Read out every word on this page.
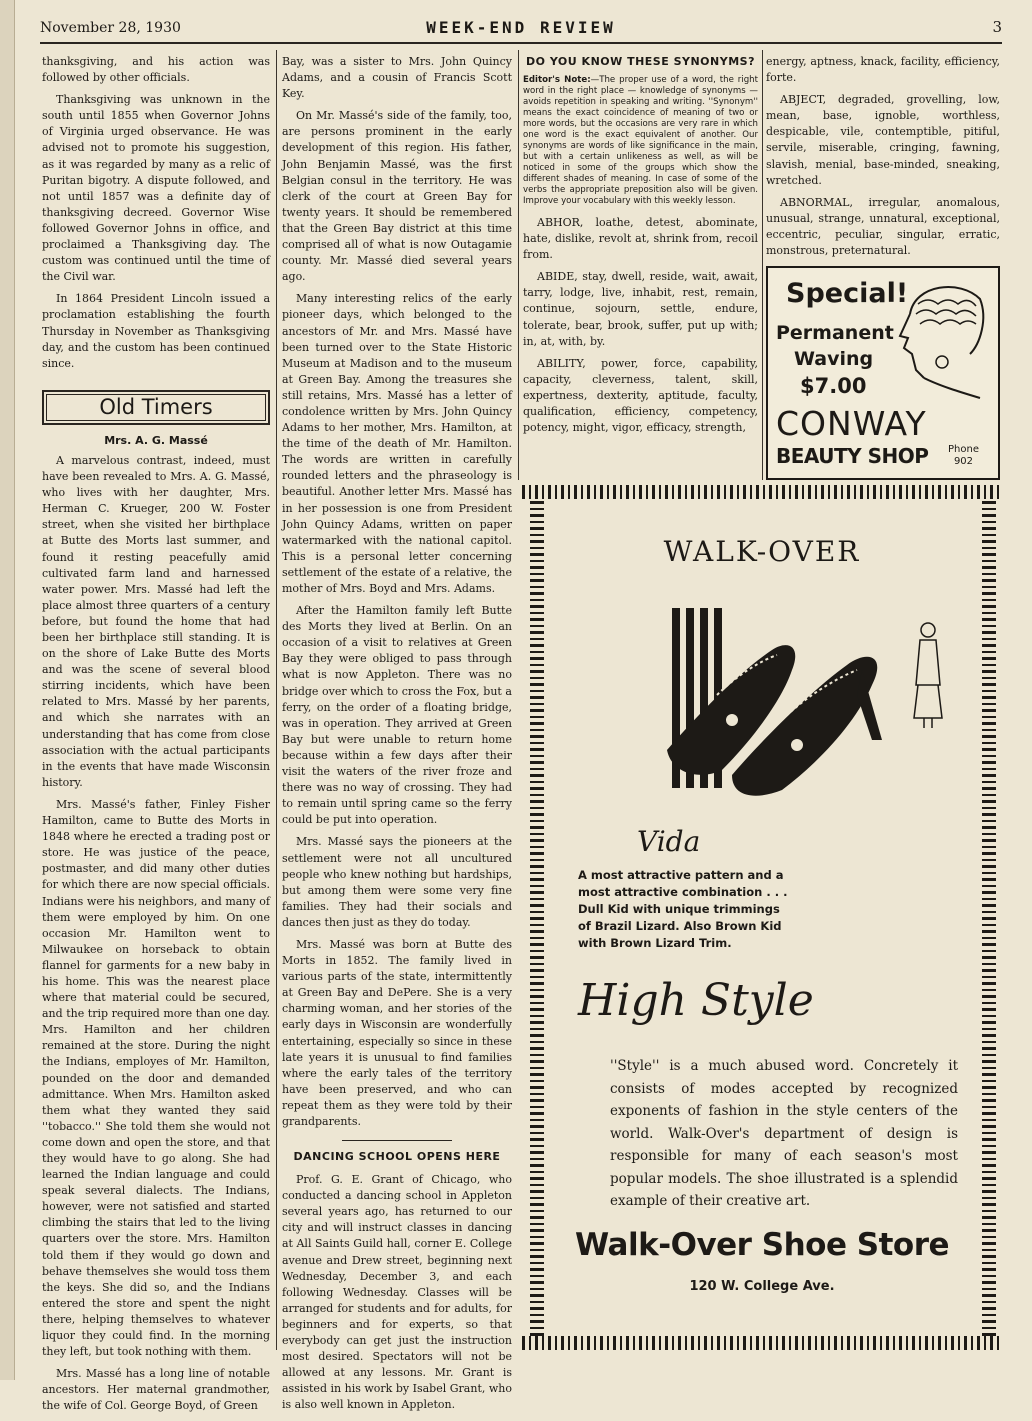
November 28, 1930	WEEK-END REVIEW	3

thanksgiving, and his action was followed by other officials.

Thanksgiving was unknown in the south until 1855 when Governor Johns of Virginia urged observance. He was advised not to promote his suggestion, as it was regarded by many as a relic of Puritan bigotry. A dispute followed, and not until 1857 was a definite day of thanksgiving decreed. Governor Wise followed Governor Johns in office, and proclaimed a Thanksgiving day. The custom was continued until the time of the Civil war.

In 1864 President Lincoln issued a proclamation establishing the fourth Thursday in November as Thanksgiving day, and the custom has been continued since.

Old Timers
Mrs. A. G. Massé

A marvelous contrast, indeed, must have been revealed to Mrs. A. G. Massé, who lives with her daughter, Mrs. Herman C. Krueger, 200 W. Foster street, when she visited her birthplace at Butte des Morts last summer, and found it resting peacefully amid cultivated farm land and harnessed water power. Mrs. Massé had left the place almost three quarters of a century before, but found the home that had been her birthplace still standing. It is on the shore of Lake Butte des Morts and was the scene of several blood stirring incidents, which have been related to Mrs. Massé by her parents, and which she narrates with an understanding that has come from close association with the actual participants in the events that have made Wisconsin history.

Mrs. Massé's father, Finley Fisher Hamilton, came to Butte des Morts in 1848 where he erected a trading post or store. He was justice of the peace, postmaster, and did many other duties for which there are now special officials. Indians were his neighbors, and many of them were employed by him. On one occasion Mr. Hamilton went to Milwaukee on horseback to obtain flannel for garments for a new baby in his home. This was the nearest place where that material could be secured, and the trip required more than one day. Mrs. Hamilton and her children remained at the store. During the night the Indians, employes of Mr. Hamilton, pounded on the door and demanded admittance. When Mrs. Hamilton asked them what they wanted they said ''tobacco.'' She told them she would not come down and open the store, and that they would have to go along. She had learned the Indian language and could speak several dialects. The Indians, however, were not satisfied and started climbing the stairs that led to the living quarters over the store. Mrs. Hamilton told them if they would go down and behave themselves she would toss them the keys. She did so, and the Indians entered the store and spent the night there, helping themselves to whatever liquor they could find. In the morning they left, but took nothing with them.

Mrs. Massé has a long line of notable ancestors. Her maternal grandmother, the wife of Col. George Boyd, of Green

Bay, was a sister to Mrs. John Quincy Adams, and a cousin of Francis Scott Key.

On Mr. Massé's side of the family, too, are persons prominent in the early development of this region. His father, John Benjamin Massé, was the first Belgian consul in the territory. He was clerk of the court at Green Bay for twenty years. It should be remembered that the Green Bay district at this time comprised all of what is now Outagamie county. Mr. Massé died several years ago.

Many interesting relics of the early pioneer days, which belonged to the ancestors of Mr. and Mrs. Massé have been turned over to the State Historic Museum at Madison and to the museum at Green Bay. Among the treasures she still retains, Mrs. Massé has a letter of condolence written by Mrs. John Quincy Adams to her mother, Mrs. Hamilton, at the time of the death of Mr. Hamilton. The words are written in carefully rounded letters and the phraseology is beautiful. Another letter Mrs. Massé has in her possession is one from President John Quincy Adams, written on paper watermarked with the national capitol. This is a personal letter concerning settlement of the estate of a relative, the mother of Mrs. Boyd and Mrs. Adams.

After the Hamilton family left Butte des Morts they lived at Berlin. On an occasion of a visit to relatives at Green Bay they were obliged to pass through what is now Appleton. There was no bridge over which to cross the Fox, but a ferry, on the order of a floating bridge, was in operation. They arrived at Green Bay but were unable to return home because within a few days after their visit the waters of the river froze and there was no way of crossing. They had to remain until spring came so the ferry could be put into operation.

Mrs. Massé says the pioneers at the settlement were not all uncultured people who knew nothing but hardships, but among them were some very fine families. They had their socials and dances then just as they do today.

Mrs. Massé was born at Butte des Morts in 1852. The family lived in various parts of the state, intermittently at Green Bay and DePere. She is a very charming woman, and her stories of the early days in Wisconsin are wonderfully entertaining, especially so since in these late years it is unusual to find families where the early tales of the territory have been preserved, and who can repeat them as they were told by their grandparents.

DANCING SCHOOL OPENS HERE

Prof. G. E. Grant of Chicago, who conducted a dancing school in Appleton several years ago, has returned to our city and will instruct classes in dancing at All Saints Guild hall, corner E. College avenue and Drew street, beginning next Wednesday, December 3, and each following Wednesday. Classes will be arranged for students and for adults, for beginners and for experts, so that everybody can get just the instruction most desired. Spectators will not be allowed at any lessons. Mr. Grant is assisted in his work by Isabel Grant, who is also well known in Appleton.

DO YOU KNOW THESE SYNONYMS?
Editor's Note:—The proper use of a word, the right word in the right place — knowledge of synonyms — avoids repetition in speaking and writing. ''Synonym'' means the exact coincidence of meaning of two or more words, but the occasions are very rare in which one word is the exact equivalent of another. Our synonyms are words of like significance in the main, but with a certain unlikeness as well, as will be noticed in some of the groups which show the different shades of meaning. In case of some of the verbs the appropriate preposition also will be given. Improve your vocabulary with this weekly lesson.

ABHOR, loathe, detest, abominate, hate, dislike, revolt at, shrink from, recoil from.

ABIDE, stay, dwell, reside, wait, await, tarry, lodge, live, inhabit, rest, remain, continue, sojourn, settle, endure, tolerate, bear, brook, suffer, put up with; in, at, with, by.

ABILITY, power, force, capability, capacity, cleverness, talent, skill, expertness, dexterity, aptitude, faculty, qualification, efficiency, competency, potency, might, vigor, efficacy, strength,

energy, aptness, knack, facility, efficiency, forte.

ABJECT, degraded, grovelling, low, mean, base, ignoble, worthless, despicable, vile, contemptible, pitiful, servile, miserable, cringing, fawning, slavish, menial, base-minded, sneaking, wretched.

ABNORMAL, irregular, anomalous, unusual, strange, unnatural, exceptional, eccentric, peculiar, singular, erratic, monstrous, preternatural.

Special!
Permanent
Waving
$7.00
CONWAY
BEAUTY SHOP Phone
902
WALK-OVER
Vida
A most attractive pattern and a most attractive combination . . . Dull Kid with unique trimmings of Brazil Lizard. Also Brown Kid with Brown Lizard Trim.
High Style
''Style'' is a much abused word. Concretely it consists of modes accepted by recognized exponents of fashion in the style centers of the world. Walk-Over's department of design is responsible for many of each season's most popular models. The shoe illustrated is a splendid example of their creative art.
Walk-Over Shoe Store
120 W. College Ave.
